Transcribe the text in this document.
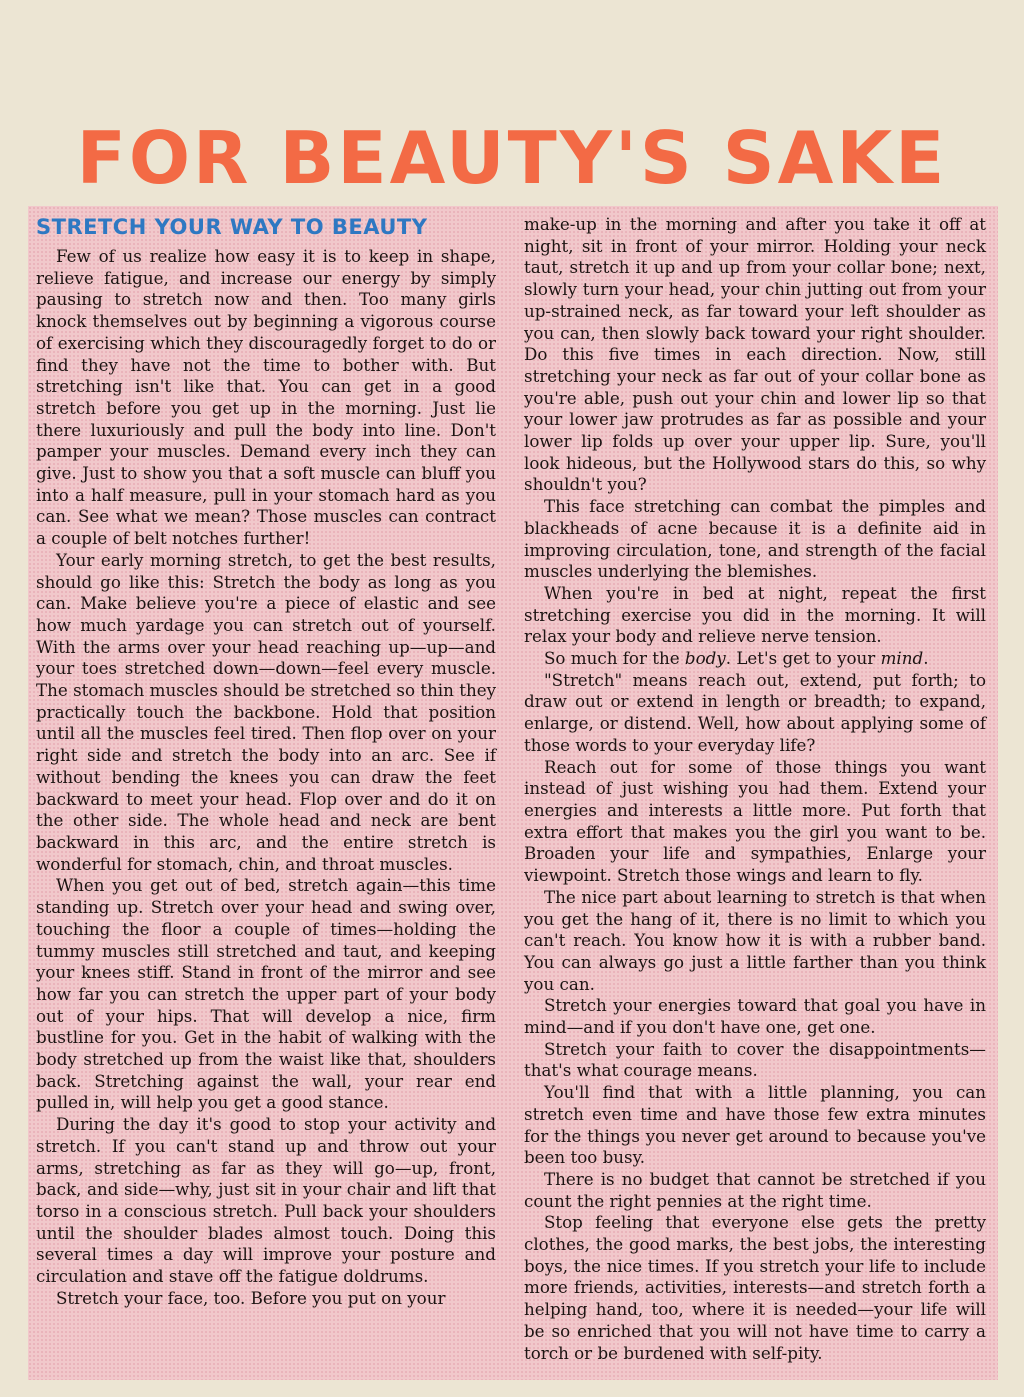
FOR BEAUTY'S SAKE
STRETCH YOUR WAY TO BEAUTY

Few of us realize how easy it is to keep in shape, relieve fatigue, and increase our energy by simply pausing to stretch now and then. Too many girls knock themselves out by beginning a vigorous course of exercising which they discouragedly forget to do or find they have not the time to bother with. But stretching isn't like that. You can get in a good stretch before you get up in the morning. Just lie there luxuriously and pull the body into line. Don't pamper your muscles. Demand every inch they can give. Just to show you that a soft muscle can bluff you into a half measure, pull in your stomach hard as you can. See what we mean? Those muscles can contract a couple of belt notches further!

Your early morning stretch, to get the best results, should go like this: Stretch the body as long as you can. Make believe you're a piece of elastic and see how much yardage you can stretch out of yourself. With the arms over your head reaching up—up—and your toes stretched down—down—feel every muscle. The stomach muscles should be stretched so thin they practically touch the backbone. Hold that position until all the muscles feel tired. Then flop over on your right side and stretch the body into an arc. See if without bending the knees you can draw the feet backward to meet your head. Flop over and do it on the other side. The whole head and neck are bent backward in this arc, and the entire stretch is wonderful for stomach, chin, and throat muscles.

When you get out of bed, stretch again—this time standing up. Stretch over your head and swing over, touching the floor a couple of times—holding the tummy muscles still stretched and taut, and keeping your knees stiff. Stand in front of the mirror and see how far you can stretch the upper part of your body out of your hips. That will develop a nice, firm bustline for you. Get in the habit of walking with the body stretched up from the waist like that, shoulders back. Stretching against the wall, your rear end pulled in, will help you get a good stance.

During the day it's good to stop your activity and stretch. If you can't stand up and throw out your arms, stretching as far as they will go—up, front, back, and side—why, just sit in your chair and lift that torso in a conscious stretch. Pull back your shoulders until the shoulder blades almost touch. Doing this several times a day will improve your posture and circulation and stave off the fatigue doldrums.

Stretch your face, too. Before you put on your

make-up in the morning and after you take it off at night, sit in front of your mirror. Holding your neck taut, stretch it up and up from your collar bone; next, slowly turn your head, your chin jutting out from your up-strained neck, as far toward your left shoulder as you can, then slowly back toward your right shoulder. Do this five times in each direction. Now, still stretching your neck as far out of your collar bone as you're able, push out your chin and lower lip so that your lower jaw protrudes as far as possible and your lower lip folds up over your upper lip. Sure, you'll look hideous, but the Hollywood stars do this, so why shouldn't you?

This face stretching can combat the pimples and blackheads of acne because it is a definite aid in improving circulation, tone, and strength of the facial muscles underlying the blemishes.

When you're in bed at night, repeat the first stretching exercise you did in the morning. It will relax your body and relieve nerve tension.

So much for the body. Let's get to your mind.

"Stretch" means reach out, extend, put forth; to draw out or extend in length or breadth; to expand, enlarge, or distend. Well, how about applying some of those words to your everyday life?

Reach out for some of those things you want instead of just wishing you had them. Extend your energies and interests a little more. Put forth that extra effort that makes you the girl you want to be. Broaden your life and sympathies, Enlarge your viewpoint. Stretch those wings and learn to fly.

The nice part about learning to stretch is that when you get the hang of it, there is no limit to which you can't reach. You know how it is with a rubber band. You can always go just a little farther than you think you can.

Stretch your energies toward that goal you have in mind—and if you don't have one, get one.

Stretch your faith to cover the disappointments—that's what courage means.

You'll find that with a little planning, you can stretch even time and have those few extra minutes for the things you never get around to because you've been too busy.

There is no budget that cannot be stretched if you count the right pennies at the right time.

Stop feeling that everyone else gets the pretty clothes, the good marks, the best jobs, the interesting boys, the nice times. If you stretch your life to include more friends, activities, interests—and stretch forth a helping hand, too, where it is needed—your life will be so enriched that you will not have time to carry a torch or be burdened with self-pity.
